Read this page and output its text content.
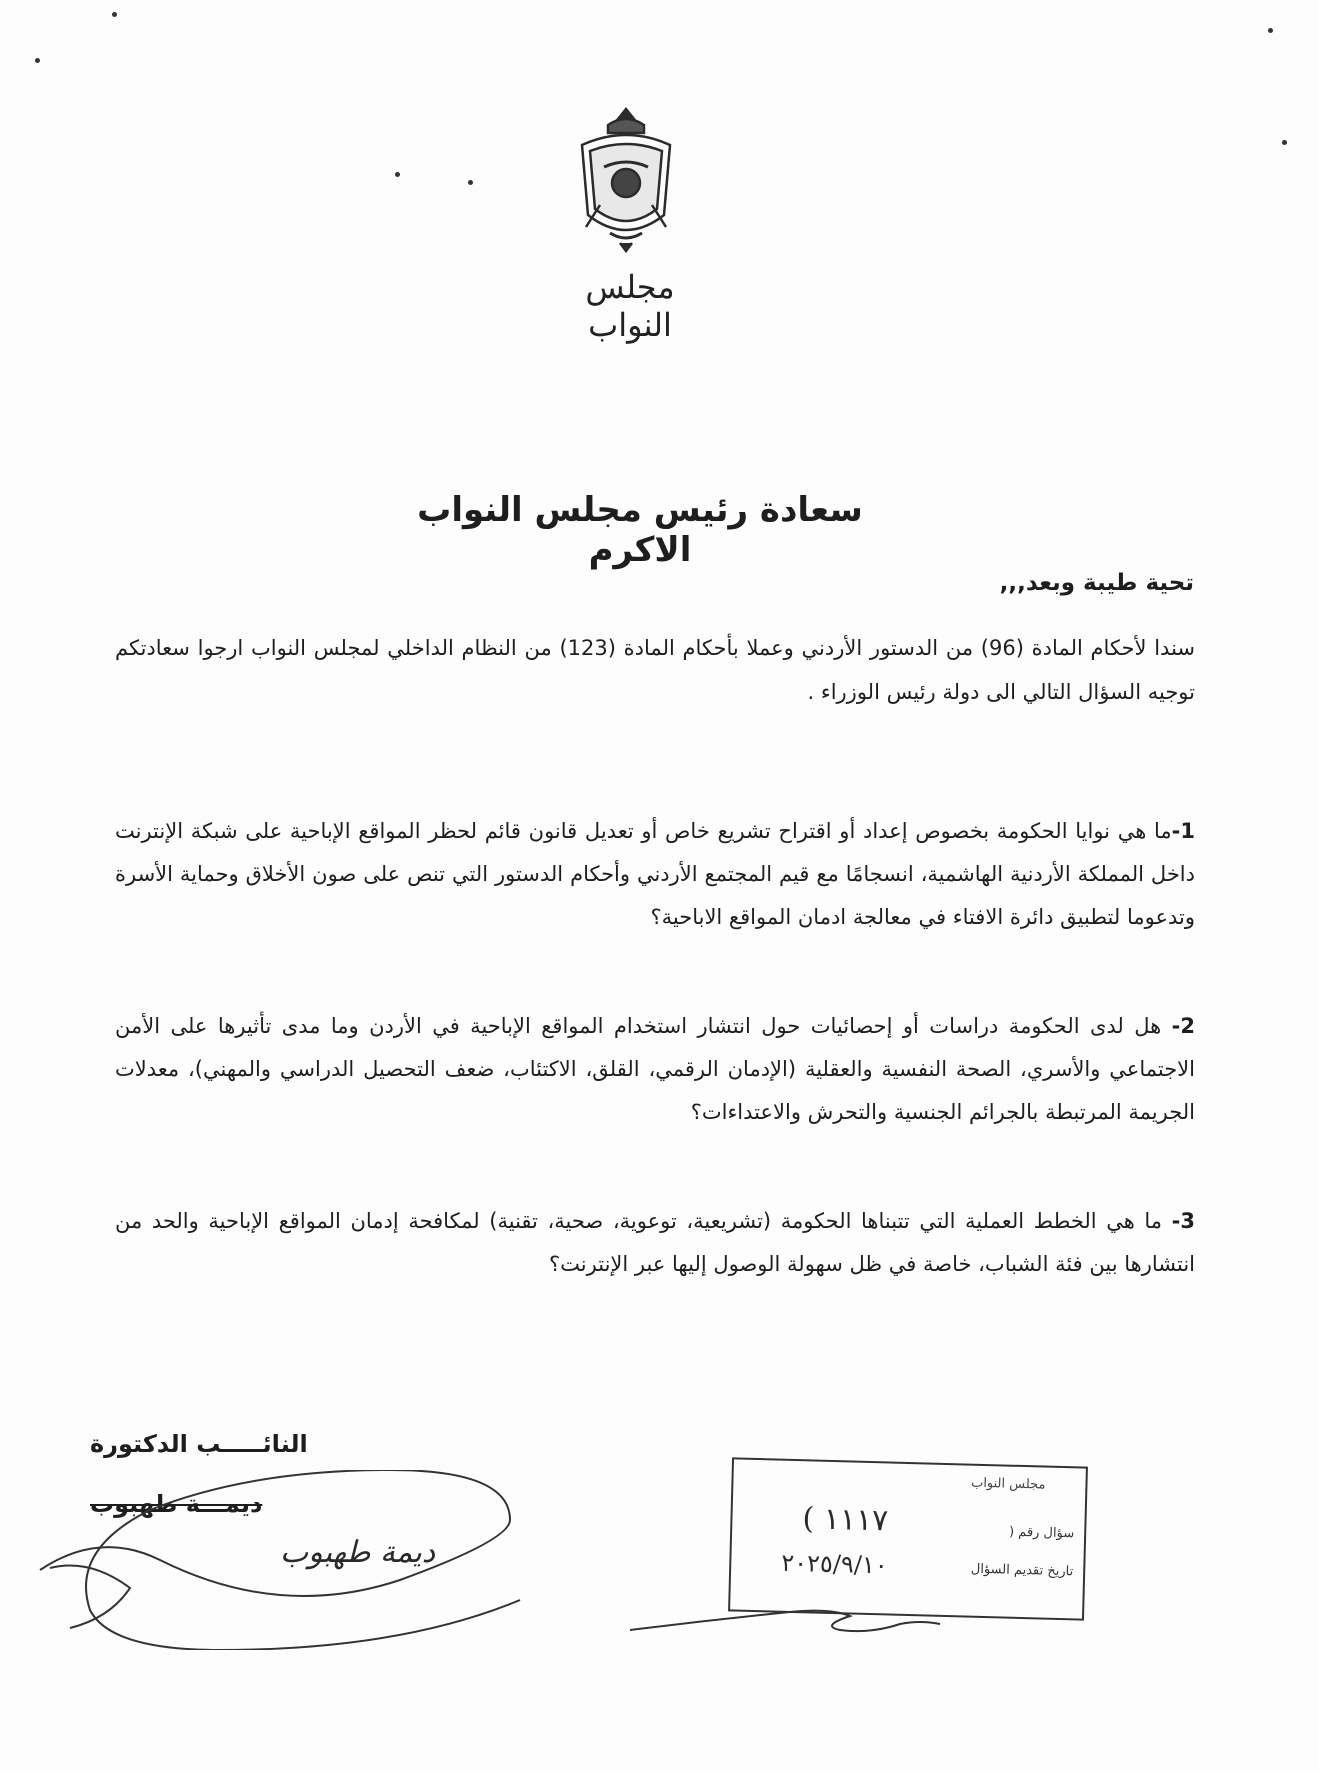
مجلس النواب
سعادة رئيس مجلس النواب الاكرم
تحية طيبة وبعد,,,

سندا لأحكام المادة (96) من الدستور الأردني وعملا بأحكام المادة (123) من النظام الداخلي لمجلس النواب ارجوا سعادتكم توجيه السؤال التالي الى دولة رئيس الوزراء .

1-ما هي نوايا الحكومة بخصوص إعداد أو اقتراح تشريع خاص أو تعديل قانون قائم لحظر المواقع الإباحية على شبكة الإنترنت داخل المملكة الأردنية الهاشمية، انسجامًا مع قيم المجتمع الأردني وأحكام الدستور التي تنص على صون الأخلاق وحماية الأسرة وتدعوما لتطبيق دائرة الافتاء في معالجة ادمان المواقع الاباحية؟

2- هل لدى الحكومة دراسات أو إحصائيات حول انتشار استخدام المواقع الإباحية في الأردن وما مدى تأثيرها على الأمن الاجتماعي والأسري، الصحة النفسية والعقلية (الإدمان الرقمي، القلق، الاكتئاب، ضعف التحصيل الدراسي والمهني)، معدلات الجريمة المرتبطة بالجرائم الجنسية والتحرش والاعتداءات؟

3- ما هي الخطط العملية التي تتبناها الحكومة (تشريعية، توعوية، صحية، تقنية) لمكافحة إدمان المواقع الإباحية والحد من انتشارها بين فئة الشباب، خاصة في ظل سهولة الوصول إليها عبر الإنترنت؟

النائـــــب الدكتورة
ديمـــة طهبوب
ديمة طهبوب
مجلس النواب
سؤال رقم (
( ١١١٧
تاريخ تقديم السؤال
٢٠٢٥/٩/١٠
